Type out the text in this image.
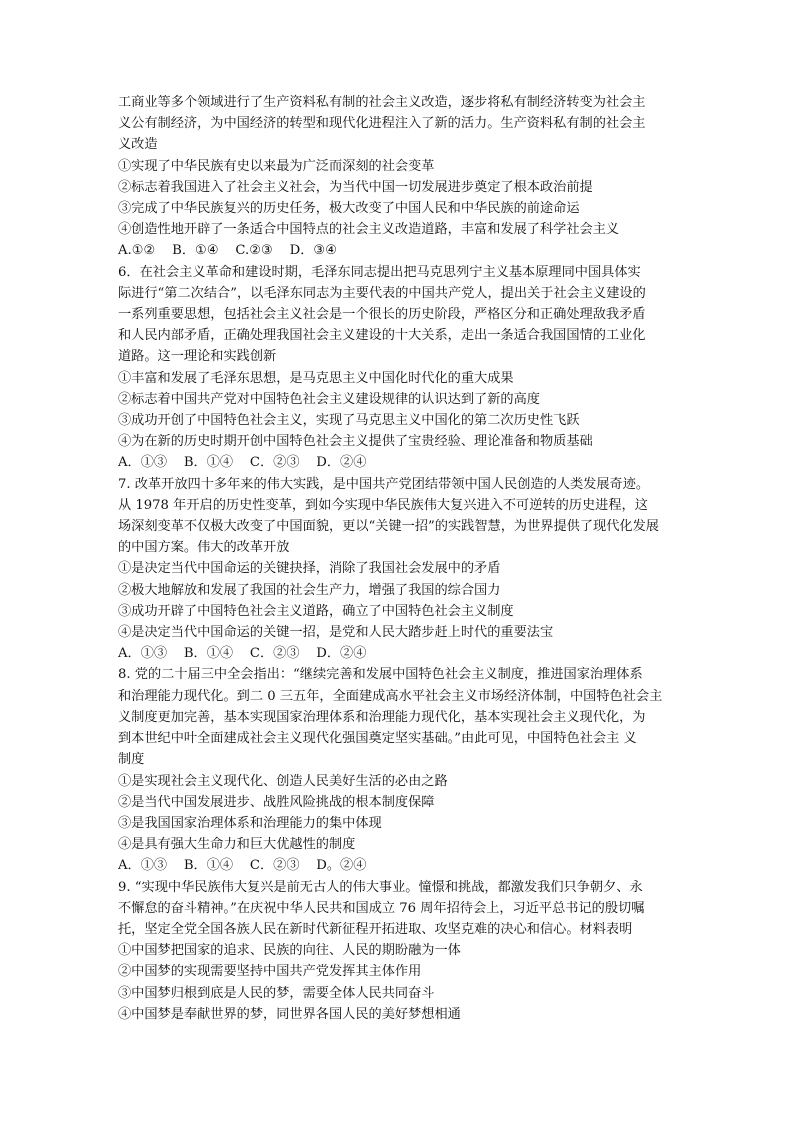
工商业等多个领域进行了生产资料私有制的社会主义改造，逐步将私有制经济转变为社会主
义公有制经济，为中国经济的转型和现代化进程注入了新的活力。生产资料私有制的社会主
义改造
①实现了中华民族有史以来最为广泛而深刻的社会变革
②标志着我国进入了社会主义社会，为当代中国一切发展进步奠定了根本政治前提
③完成了中华民族复兴的历史任务，极大改变了中国人民和中华民族的前途命运
④创造性地开辟了一条适合中国特点的社会主义改造道路，丰富和发展了科学社会主义
A.①②    B．①④    C.②③    D．③④
6．在社会主义革命和建设时期，毛泽东同志提出把马克思列宁主义基本原理同中国具体实
际进行“第二次结合”，以毛泽东同志为主要代表的中国共产党人，提出关于社会主义建设的
一系列重要思想，包括社会主义社会是一个很长的历史阶段，严格区分和正确处理敌我矛盾
和人民内部矛盾，正确处理我国社会主义建设的十大关系，走出一条适合我国国情的工业化
道路。这一理论和实践创新
①丰富和发展了毛泽东思想，是马克思主义中国化时代化的重大成果
②标志着中国共产党对中国特色社会主义建设规律的认识达到了新的高度
③成功开创了中国特色社会主义，实现了马克思主义中国化的第二次历史性飞跃
④为在新的历史时期开创中国特色社会主义提供了宝贵经验、理论准备和物质基础
A．①③    B．①④    C．②③    D．②④
7. 改革开放四十多年来的伟大实践，是中国共产党团结带领中国人民创造的人类发展奇迹。
从 1978 年开启的历史性变革，到如今实现中华民族伟大复兴进入不可逆转的历史进程，这
场深刻变革不仅极大改变了中国面貌，更以“关键一招”的实践智慧，为世界提供了现代化发展
的中国方案。伟大的改革开放
①是决定当代中国命运的关键抉择，消除了我国社会发展中的矛盾
②极大地解放和发展了我国的社会生产力，增强了我国的综合国力
③成功开辟了中国特色社会主义道路，确立了中国特色社会主义制度
④是决定当代中国命运的关键一招，是党和人民大踏步赶上时代的重要法宝
A．①③    B．①④    C．②③    D．②④
8. 党的二十届三中全会指出：“继续完善和发展中国特色社会主义制度，推进国家治理体系
和治理能力现代化。到二 0 三五年，全面建成高水平社会主义市场经济体制，中国特色社会主
义制度更加完善，基本实现国家治理体系和治理能力现代化，基本实现社会主义现代化，为
到本世纪中叶全面建成社会主义现代化强国奠定坚实基础。”由此可见，中国特色社会主 义
制度
①是实现社会主义现代化、创造人民美好生活的必由之路
②是当代中国发展进步、战胜风险挑战的根本制度保障
③是我国国家治理体系和治理能力的集中体现
④是具有强大生命力和巨大优越性的制度
A．①③    B．①④    C．②③    D。②④
9. “实现中华民族伟大复兴是前无古人的伟大事业。憧憬和挑战，都激发我们只争朝夕、永
不懈怠的奋斗精神。”在庆祝中华人民共和国成立 76 周年招待会上，习近平总书记的殷切嘱
托，坚定全党全国各族人民在新时代新征程开拓进取、攻坚克难的决心和信心。材料表明
①中国梦把国家的追求、民族的向往、人民的期盼融为一体
②中国梦的实现需要坚持中国共产党发挥其主体作用
③中国梦归根到底是人民的梦，需要全体人民共同奋斗
④中国梦是奉献世界的梦，同世界各国人民的美好梦想相通
